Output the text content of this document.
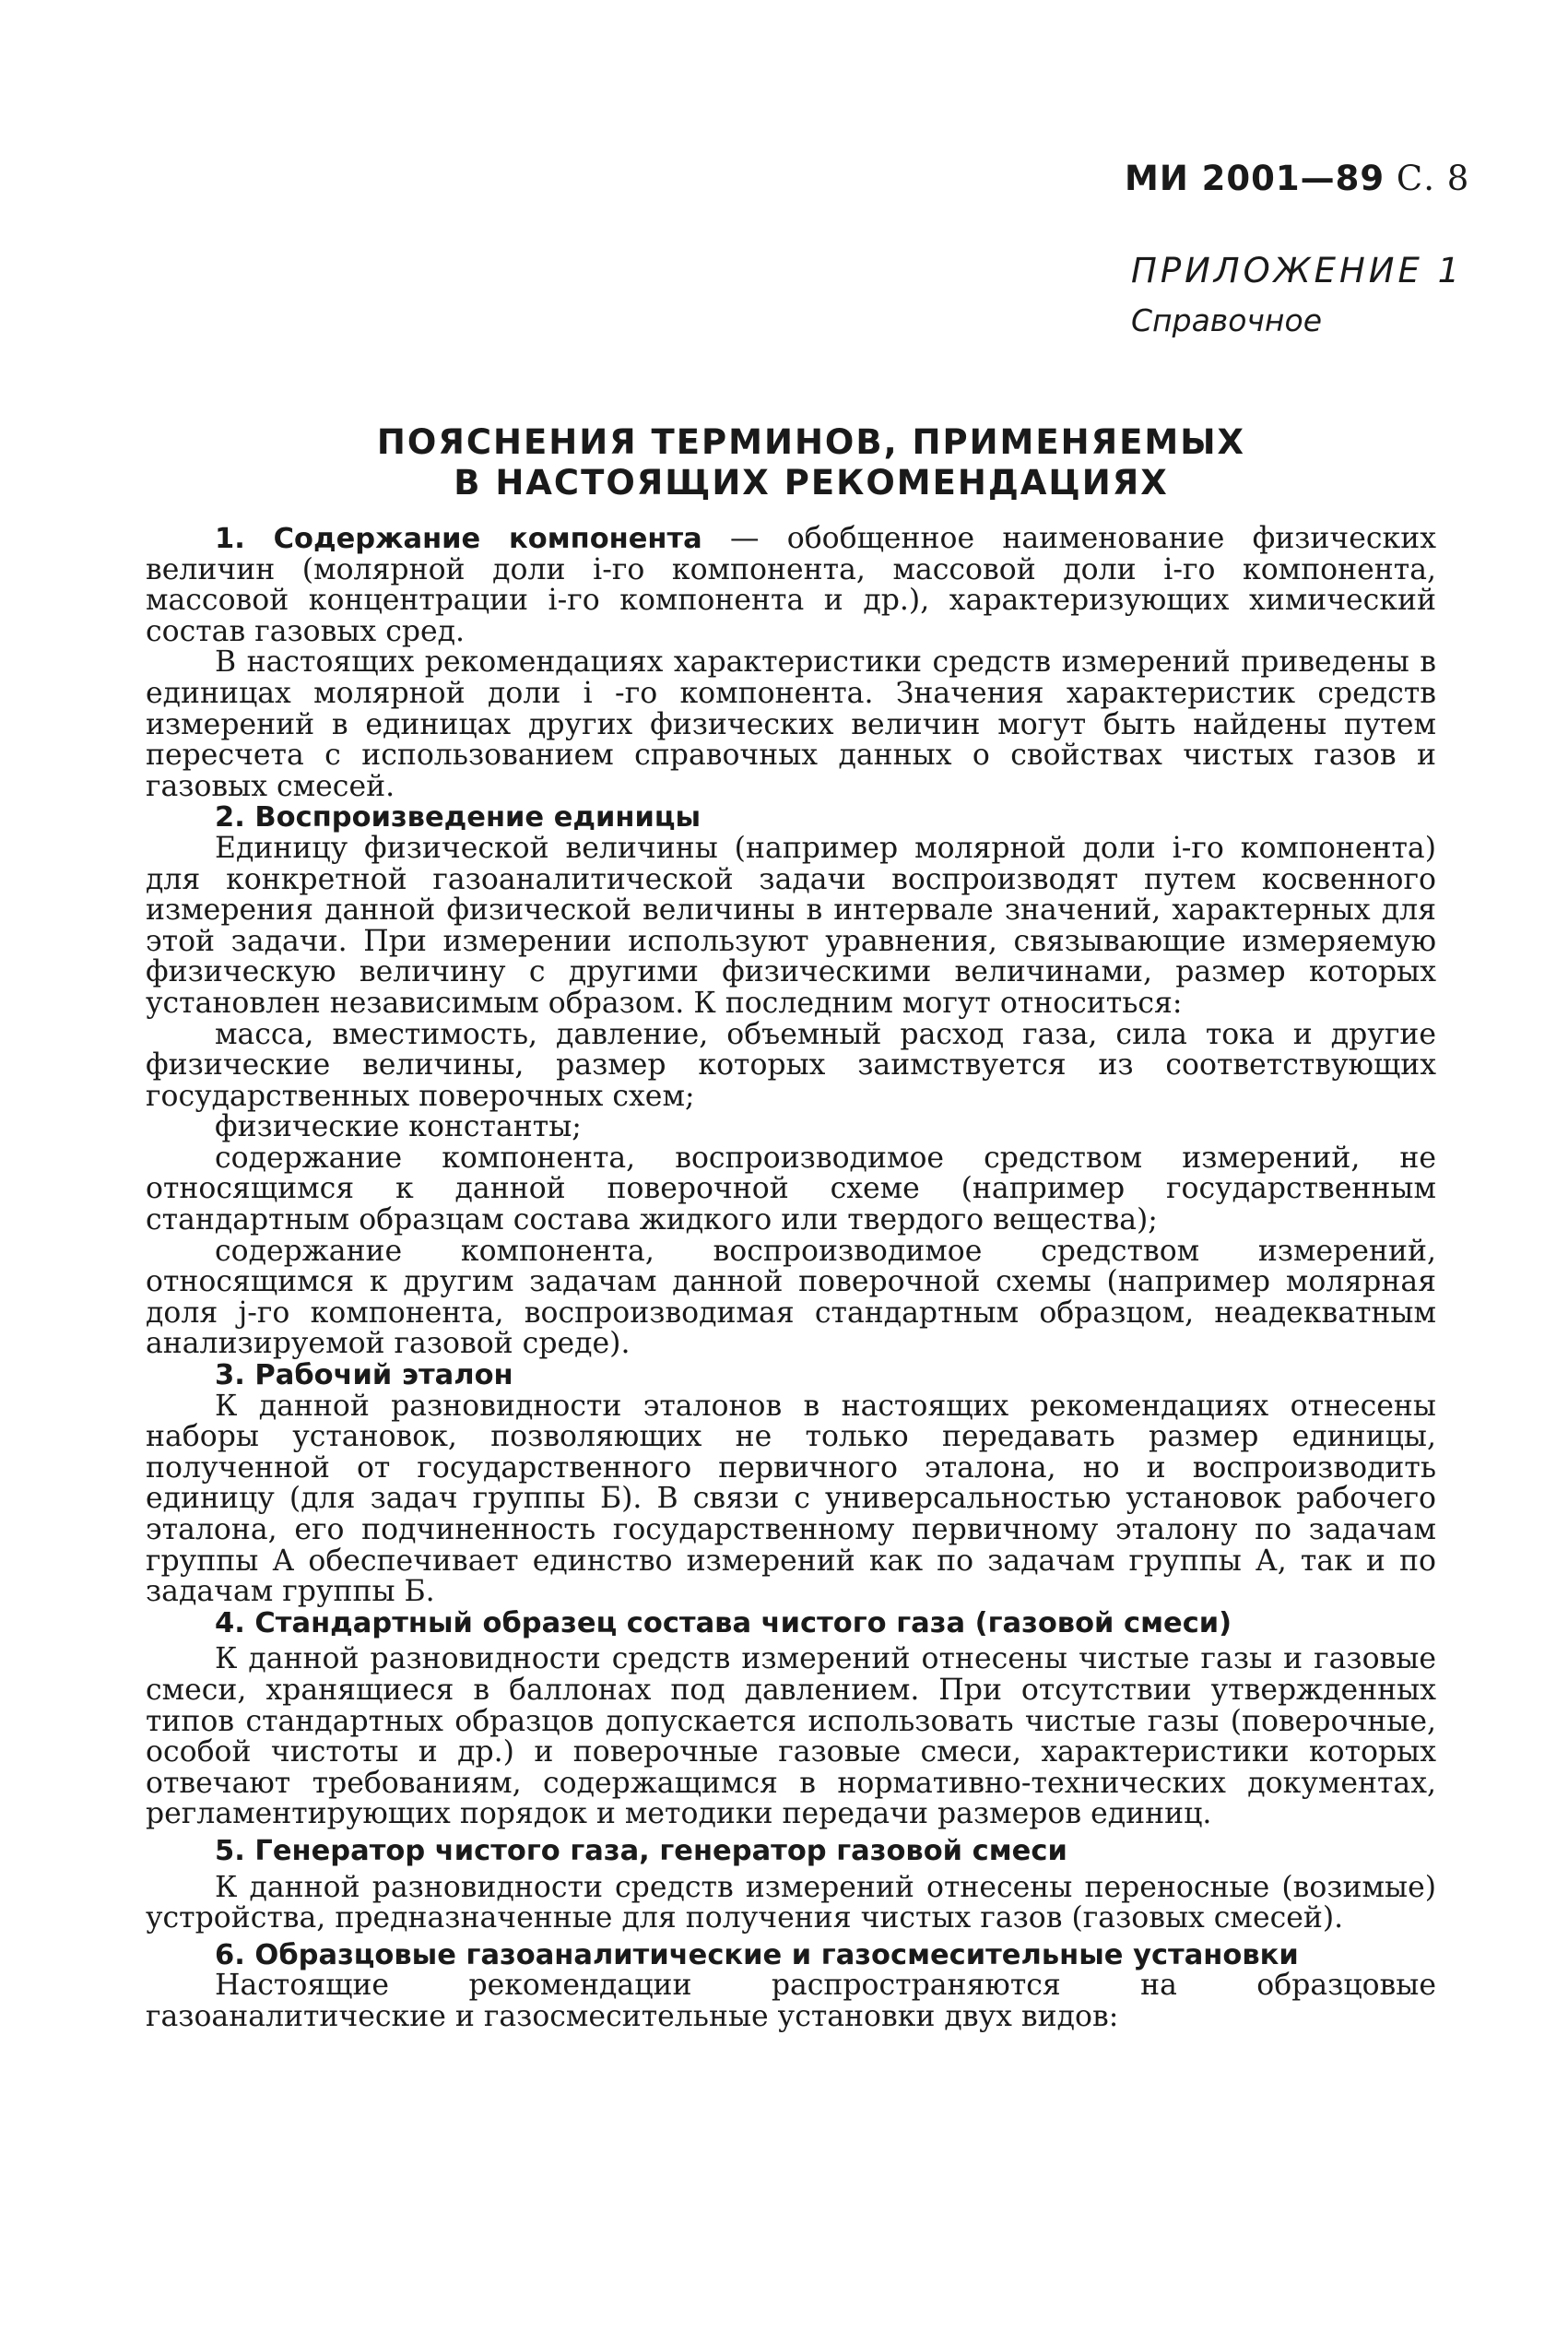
МИ 2001—89 С. 8
ПРИЛОЖЕНИЕ 1
Справочное
ПОЯСНЕНИЯ ТЕРМИНОВ, ПРИМЕНЯЕМЫХ
В НАСТОЯЩИХ РЕКОМЕНДАЦИЯХ

1. Содержание компонента — обобщенное наименование физических величин (молярной доли i-го компонента, массовой доли i-го компонента, массовой концентрации i-го компонента и др.), характеризующих химический состав газовых сред.

В настоящих рекомендациях характеристики средств измерений приведены в единицах молярной доли i -го компонента. Значения характеристик средств измерений в единицах других физических величин могут быть найдены путем пересчета с использованием справочных данных о свойствах чистых газов и газовых смесей.

2. Воспроизведение единицы

Единицу физической величины (например молярной доли i-го компонента) для конкретной газоаналитической задачи воспроизводят путем косвенного измерения данной физической величины в интервале значений, характерных для этой задачи. При измерении используют уравнения, связывающие измеряемую физическую величину с другими физическими величинами, размер которых установлен независимым образом. К последним могут относиться:

масса, вместимость, давление, объемный расход газа, сила тока и другие физические величины, размер которых заимствуется из соответствующих государственных поверочных схем;

физические константы;

содержание компонента, воспроизводимое средством измерений, не относящимся к данной поверочной схеме (например государственным стандартным образцам состава жидкого или твердого вещества);

содержание компонента, воспроизводимое средством измерений, относящимся к другим задачам данной поверочной схемы (например молярная доля j-го компонента, воспроизводимая стандартным образцом, неадекватным анализируемой газовой среде).

3. Рабочий эталон

К данной разновидности эталонов в настоящих рекомендациях отнесены наборы установок, позволяющих не только передавать размер единицы, полученной от государственного первичного эталона, но и воспроизводить единицу (для задач группы Б). В связи с универсальностью установок рабочего эталона, его подчиненность государственному первичному эталону по задачам группы А обеспечивает единство измерений как по задачам группы А, так и по задачам группы Б.

4. Стандартный образец состава чистого газа (газовой смеси)

К данной разновидности средств измерений отнесены чистые газы и газовые смеси, хранящиеся в баллонах под давлением. При отсутствии утвержденных типов стандартных образцов допускается использовать чистые газы (поверочные, особой чистоты и др.) и поверочные газовые смеси, характеристики которых отвечают требованиям, содержащимся в нормативно-технических документах, регламентирующих порядок и методики передачи размеров единиц.

5. Генератор чистого газа, генератор газовой смеси

К данной разновидности средств измерений отнесены переносные (возимые) устройства, предназначенные для получения чистых газов (газовых смесей).

6. Образцовые газоаналитические и газосмесительные установки

Настоящие рекомендации распространяются на образцовые газоаналитические и газосмесительные установки двух видов:
